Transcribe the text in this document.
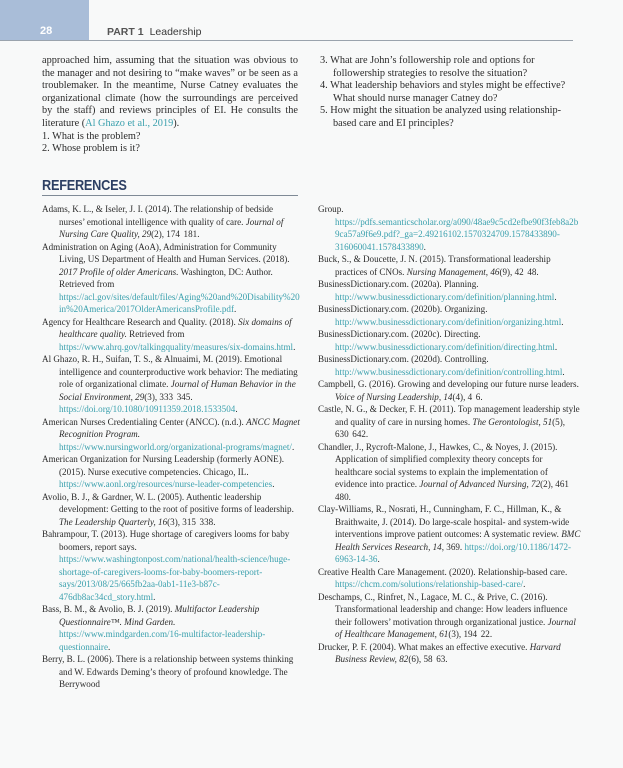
28	PART 1 Leadership
approached him, assuming that the situation was obvious to the manager and not desiring to “make waves” or be seen as a troublemaker. In the meantime, Nurse Catney evaluates the organizational climate (how the surroundings are perceived by the staff) and reviews principles of EI. He consults the literature (Al Ghazo et al., 2019).
1. What is the problem?
2. Whose problem is it?
3. What are John’s followership role and options for followership strategies to resolve the situation?
4. What leadership behaviors and styles might be effective? What should nurse manager Catney do?
5. How might the situation be analyzed using relationship-based care and EI principles?
REFERENCES
Adams, K. L., & Iseler, J. I. (2014). The relationship of bedside nurses’ emotional intelligence with quality of care. Journal of Nursing Care Quality, 29(2), 174  181.
Administration on Aging (AoA), Administration for Community Living, US Department of Health and Human Services. (2018). 2017 Profile of older Americans. Washington, DC: Author. Retrieved from https://acl.gov/sites/default/files/Aging%20and%20Disability%20in%20America/2017OlderAmericansProfile.pdf.
Agency for Healthcare Research and Quality. (2018). Six domains of healthcare quality. Retrieved from https://www.ahrq.gov/talkingquality/measures/six-domains.html.
Al Ghazo, R. H., Suifan, T. S., & Alnuaimi, M. (2019). Emotional intelligence and counterproductive work behavior: The mediating role of organizational climate. Journal of Human Behavior in the Social Environment, 29(3), 333  345. https://doi.org/10.1080/10911359.2018.1533504.
American Nurses Credentialing Center (ANCC). (n.d.). ANCC Magnet Recognition Program. https://www.nursingworld.org/organizational-programs/magnet/.
American Organization for Nursing Leadership (formerly AONE). (2015). Nurse executive competencies. Chicago, IL. https://www.aonl.org/resources/nurse-leader-competencies.
Avolio, B. J., & Gardner, W. L. (2005). Authentic leadership development: Getting to the root of positive forms of leadership. The Leadership Quarterly, 16(3), 315  338.
Bahrampour, T. (2013). Huge shortage of caregivers looms for baby boomers, report says. https://www.washingtonpost.com/national/health-science/huge-shortage-of-caregivers-looms-for-baby-boomers-report-says/2013/08/25/665fb2aa-0ab1-11e3-b87c-476db8ac34cd_story.html.
Bass, B. M., & Avolio, B. J. (2019). Multifactor Leadership Questionnaire™. Mind Garden. https://www.mindgarden.com/16-multifactor-leadership-questionnaire.
Berry, B. L. (2006). There is a relationship between systems thinking and W. Edwards Deming’s theory of profound knowledge. The Berrywood
Group. https://pdfs.semanticscholar.org/a090/48ae9c5cd2efbe90f3feb8a2b9ca57a9f6e9.pdf?_ga=2.49216102.1570324709.1578433890-316060041.1578433890.
Buck, S., & Doucette, J. N. (2015). Transformational leadership practices of CNOs. Nursing Management, 46(9), 42  48.
BusinessDictionary.com. (2020a). Planning. http://www.businessdictionary.com/definition/planning.html.
BusinessDictionary.com. (2020b). Organizing. http://www.businessdictionary.com/definition/organizing.html.
BusinessDictionary.com. (2020c). Directing. http://www.businessdictionary.com/definition/directing.html.
BusinessDictionary.com. (2020d). Controlling. http://www.businessdictionary.com/definition/controlling.html.
Campbell, G. (2016). Growing and developing our future nurse leaders. Voice of Nursing Leadership, 14(4), 4  6.
Castle, N. G., & Decker, F. H. (2011). Top management leadership style and quality of care in nursing homes. The Gerontologist, 51(5), 630  642.
Chandler, J., Rycroft-Malone, J., Hawkes, C., & Noyes, J. (2015). Application of simplified complexity theory concepts for healthcare social systems to explain the implementation of evidence into practice. Journal of Advanced Nursing, 72(2), 461  480.
Clay-Williams, R., Nosrati, H., Cunningham, F. C., Hillman, K., & Braithwaite, J. (2014). Do large-scale hospital- and system-wide interventions improve patient outcomes: A systematic review. BMC Health Services Research, 14, 369. https://doi.org/10.1186/1472-6963-14-36.
Creative Health Care Management. (2020). Relationship-based care. https://chcm.com/solutions/relationship-based-care/.
Deschamps, C., Rinfret, N., Lagace, M. C., & Prive, C. (2016). Transformational leadership and change: How leaders influence their followers’ motivation through organizational justice. Journal of Healthcare Management, 61(3), 194  22.
Drucker, P. F. (2004). What makes an effective executive. Harvard Business Review, 82(6), 58  63.
